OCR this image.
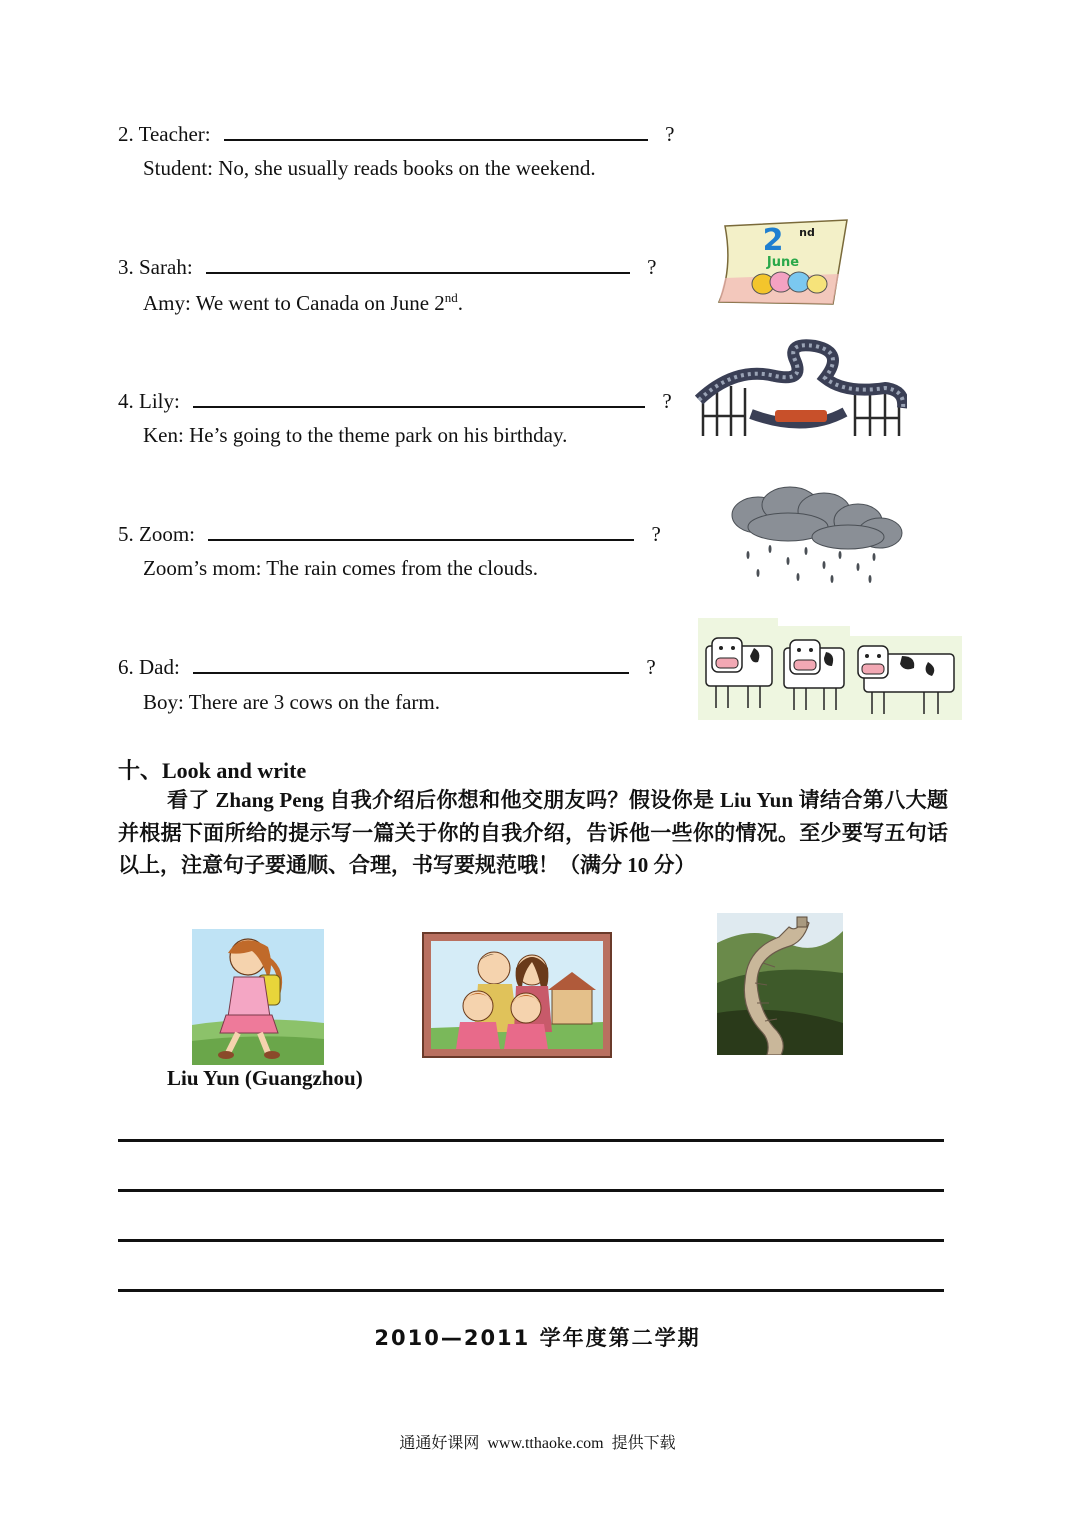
2. Teacher:	?
Student: No, she usually reads books on the weekend.
3. Sarah:	?
Amy: We went to Canada on June 2nd.
2 nd
June
4. Lily:	?
Ken: He’s going to the theme park on his birthday.
5. Zoom:	?
Zoom’s mom: The rain comes from the clouds.
6. Dad:	?
Boy: There are 3 cows on the farm.
十、Look and write
看了 Zhang Peng 自我介绍后你想和他交朋友吗？假设你是 Liu Yun 请结合第八大题并根据下面所给的提示写一篇关于你的自我介绍，告诉他一些你的情况。至少要写五句话以上，注意句子要通顺、合理，书写要规范哦！（满分 10 分）
Liu Yun (Guangzhou)
2010—2011 学年度第二学期
通通好课网  www.tthaoke.com  提供下载
